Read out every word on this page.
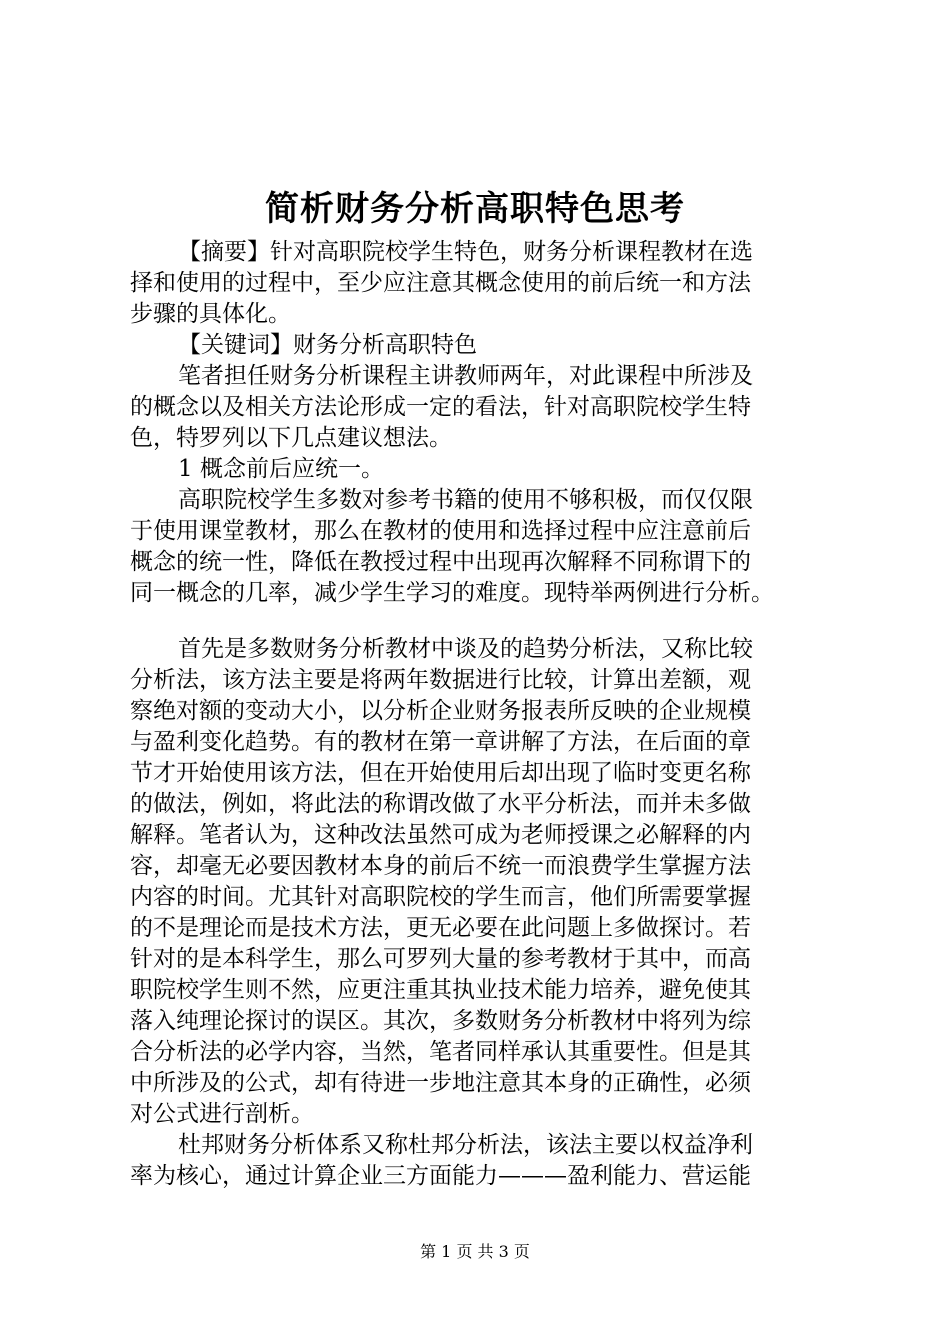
简析财务分析高职特色思考
【摘要】针对高职院校学生特色，财务分析课程教材在选
择和使用的过程中，至少应注意其概念使用的前后统一和方法
步骤的具体化。
【关键词】财务分析高职特色
笔者担任财务分析课程主讲教师两年，对此课程中所涉及
的概念以及相关方法论形成一定的看法，针对高职院校学生特
色，特罗列以下几点建议想法。
1 概念前后应统一。
高职院校学生多数对参考书籍的使用不够积极，而仅仅限
于使用课堂教材，那么在教材的使用和选择过程中应注意前后
概念的统一性，降低在教授过程中出现再次解释不同称谓下的
同一概念的几率，减少学生学习的难度。现特举两例进行分析。
首先是多数财务分析教材中谈及的趋势分析法，又称比较
分析法，该方法主要是将两年数据进行比较，计算出差额，观
察绝对额的变动大小，以分析企业财务报表所反映的企业规模
与盈利变化趋势。有的教材在第一章讲解了方法，在后面的章
节才开始使用该方法，但在开始使用后却出现了临时变更名称
的做法，例如，将此法的称谓改做了水平分析法，而并未多做
解释。笔者认为，这种改法虽然可成为老师授课之必解释的内
容，却毫无必要因教材本身的前后不统一而浪费学生掌握方法
内容的时间。尤其针对高职院校的学生而言，他们所需要掌握
的不是理论而是技术方法，更无必要在此问题上多做探讨。若
针对的是本科学生，那么可罗列大量的参考教材于其中，而高
职院校学生则不然，应更注重其执业技术能力培养，避免使其
落入纯理论探讨的误区。其次，多数财务分析教材中将列为综
合分析法的必学内容，当然，笔者同样承认其重要性。但是其
中所涉及的公式，却有待进一步地注意其本身的正确性，必须
对公式进行剖析。
杜邦财务分析体系又称杜邦分析法，该法主要以权益净利
率为核心，通过计算企业三方面能力———盈利能力、营运能
第 1 页 共 3 页
